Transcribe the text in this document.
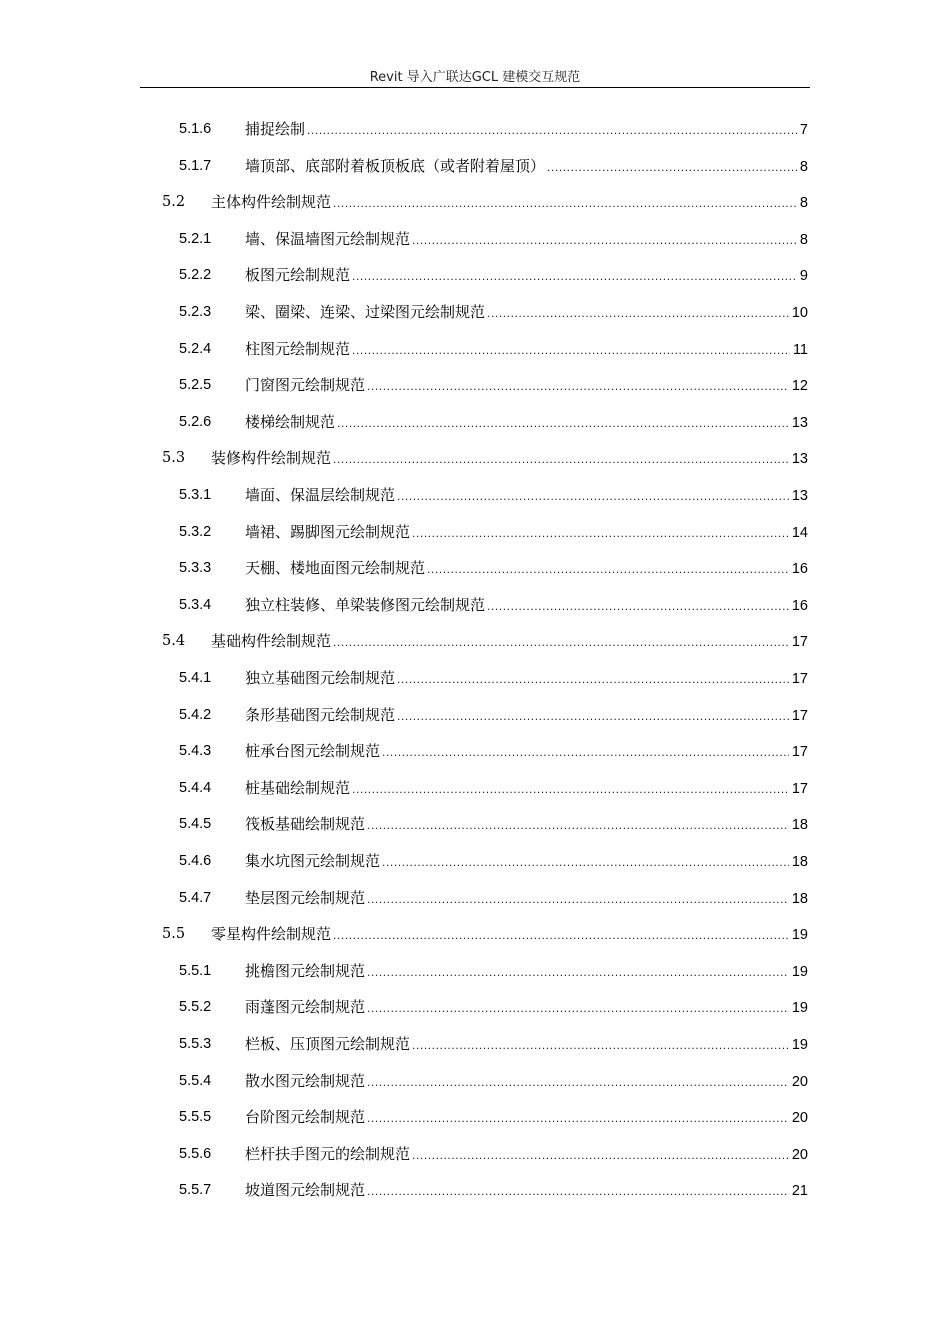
Revit 导入广联达GCL 建模交互规范
5.1.6 捕捉绘制 .....	7
5.1.7 墙顶部、底部附着板顶板底（或者附着屋顶） .....	8
5.2 主体构件绘制规范 .....	8
5.2.1 墙、保温墙图元绘制规范 .....	8
5.2.2 板图元绘制规范 .....	9
5.2.3 梁、圈梁、连梁、过梁图元绘制规范 .....	10
5.2.4 柱图元绘制规范 .....	11
5.2.5 门窗图元绘制规范 .....	12
5.2.6 楼梯绘制规范 .....	13
5.3 装修构件绘制规范 .....	13
5.3.1 墙面、保温层绘制规范 .....	13
5.3.2 墙裙、踢脚图元绘制规范 .....	14
5.3.3 天棚、楼地面图元绘制规范 .....	16
5.3.4 独立柱装修、单梁装修图元绘制规范 .....	16
5.4 基础构件绘制规范 .....	17
5.4.1 独立基础图元绘制规范 .....	17
5.4.2 条形基础图元绘制规范 .....	17
5.4.3 桩承台图元绘制规范 .....	17
5.4.4 桩基础绘制规范 .....	17
5.4.5 筏板基础绘制规范 .....	18
5.4.6 集水坑图元绘制规范 .....	18
5.4.7 垫层图元绘制规范 .....	18
5.5 零星构件绘制规范 .....	19
5.5.1 挑檐图元绘制规范 .....	19
5.5.2 雨蓬图元绘制规范 .....	19
5.5.3 栏板、压顶图元绘制规范 .....	19
5.5.4 散水图元绘制规范 .....	20
5.5.5 台阶图元绘制规范 .....	20
5.5.6 栏杆扶手图元的绘制规范 .....	20
5.5.7 坡道图元绘制规范 .....	21
